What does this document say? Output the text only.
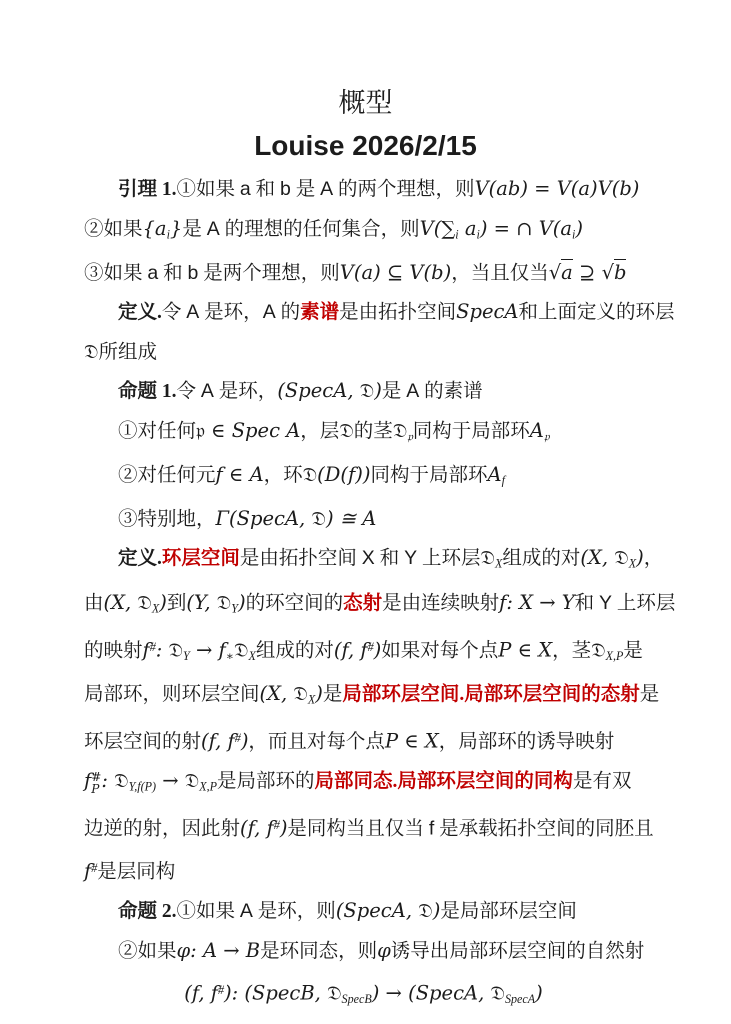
概型
Louise 2026/2/15

引理 1.①如果 a 和 b 是 A 的两个理想，则V(ab) = V(a)V(b)

②如果$\{a_i\}$是 A 的理想的任何集合，则$V(\sum_i$ $a_i$) = ∩ $V(a_i)$

③如果 a 和 b 是两个理想，则V(a) ⊆ V(b)，当且仅当√a ⊇ √b

定义.令 A 是环，A 的素谱是由拓扑空间SpecA和上面定义的环层

𝔇所组成

命题 1.令 A 是环，(SpecA, 𝔇)是 A 的素谱

①对任何𝔭 ∈ Spec A，层𝔇的茎𝔇$_𝔭$同构于局部环$A_𝔭$

②对任何元f ∈ A，环𝔇(D(f))同构于局部环$A_f$

③特别地，Γ(SpecA, 𝔇) ≅ A

定义.环层空间是由拓扑空间 X 和 Y 上环层𝔇$_X$组成的对(X, 𝔇$_X$)，

由(X, 𝔇$_X$)到(Y, 𝔇$_Y$)的环空间的态射是由连续映射f: X → Y和 Y 上环层

的映射f#: 𝔇$_Y$ → $f_∗𝔇_X$组成的对(f, f#)如果对每个点P ∈ X，茎𝔇$_{X,P}$是

局部环，则环层空间(X, 𝔇$_X$)是局部环层空间.局部环层空间的态射是

环层空间的射(f, f#)，而且对每个点P ∈ X，局部环的诱导映射

f #
P : 𝔇$_{Y,f(P)}$ → 𝔇$_{X,P}$是局部环的局部同态.局部环层空间的同构是有双

边逆的射，因此射(f, f#)是同构当且仅当 f 是承载拓扑空间的同胚且

f#是层同构

命题 2.①如果 A 是环，则(SpecA, 𝔇)是局部环层空间

②如果φ: A → B是环同态，则φ诱导出局部环层空间的自然射

(f, f#): (SpecB, 𝔇$_{SpecB}$) → (SpecA, 𝔇$_{SpecA}$)
